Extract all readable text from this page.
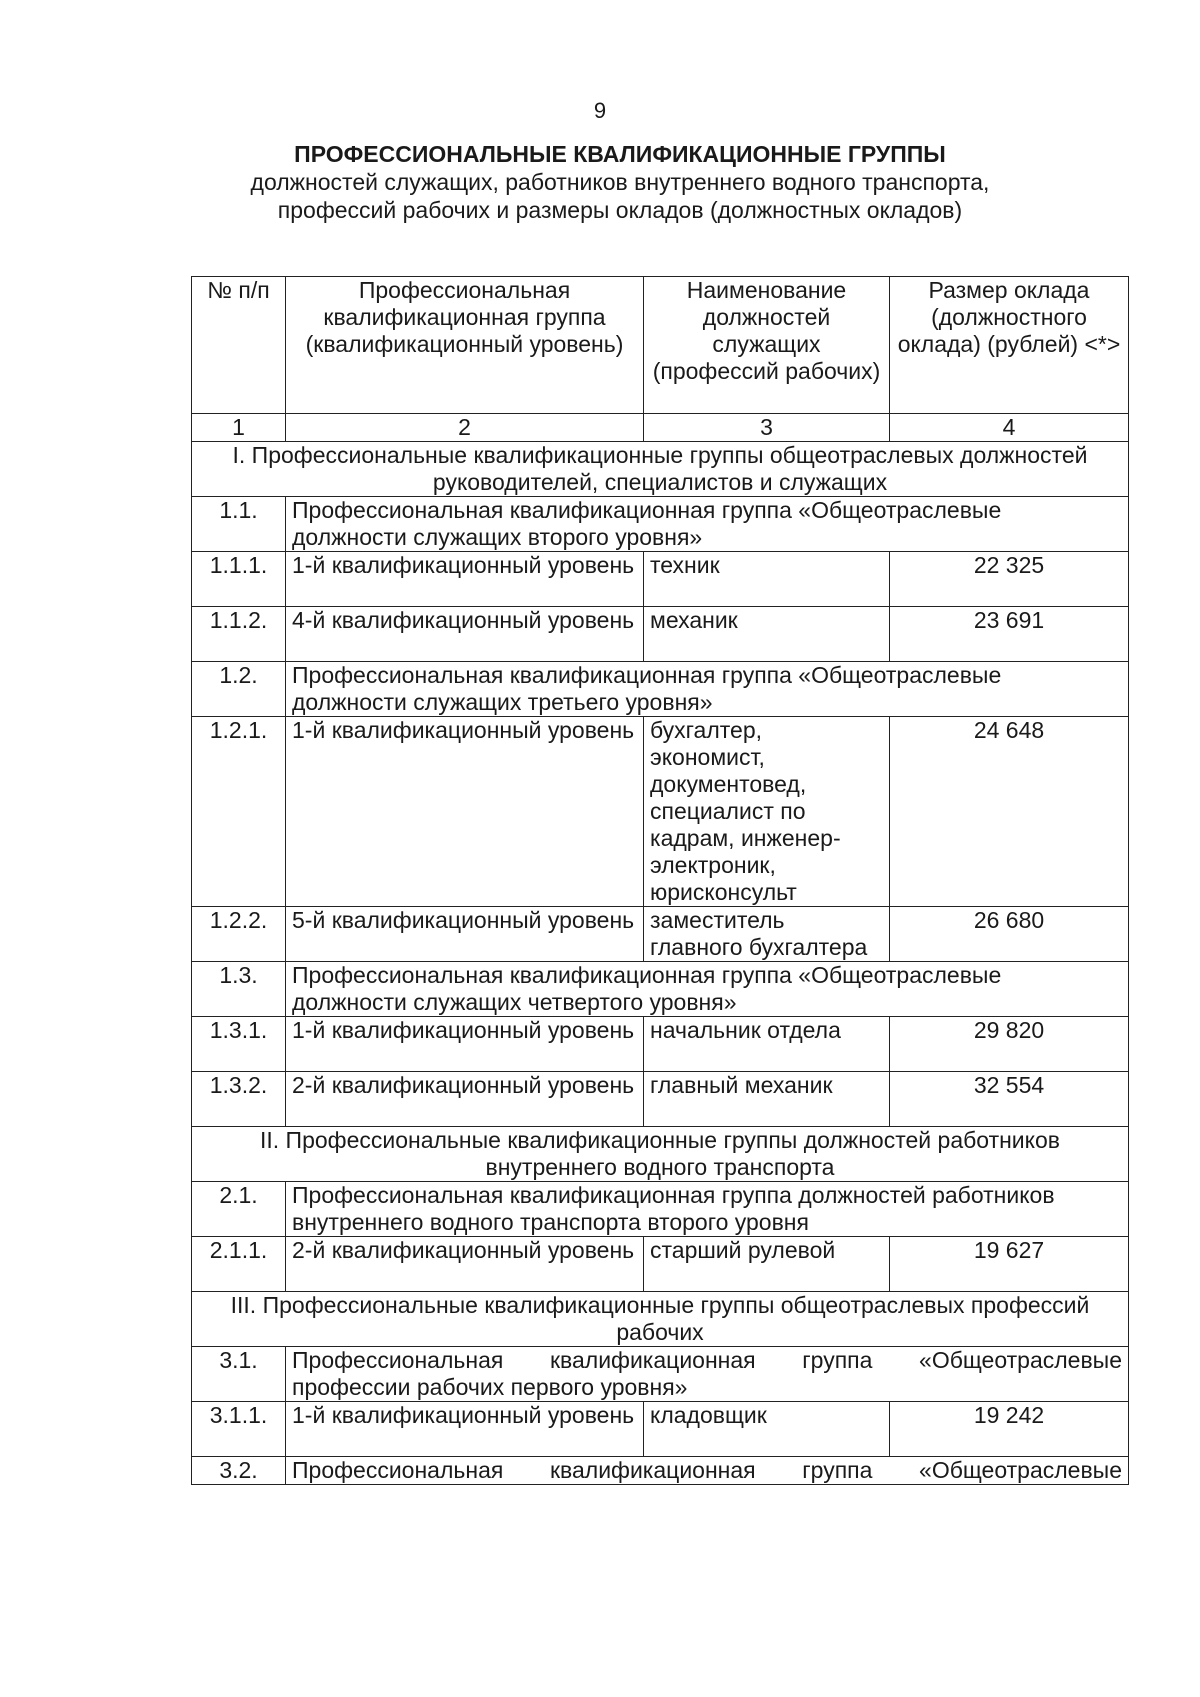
9
ПРОФЕССИОНАЛЬНЫЕ КВАЛИФИКАЦИОННЫЕ ГРУППЫ
должностей служащих, работников внутреннего водного транспорта,
профессий рабочих и размеры окладов (должностных окладов)
№ п/п	Профессиональная квалификационная группа (квалификационный уровень)	Наименование должностей служащих (профессий рабочих)	Размер оклада (должностного оклада) (рублей) <*>
1	2	3	4
I. Профессиональные квалификационные группы общеотраслевых должностей руководителей, специалистов и служащих			
1.1.	Профессиональная квалификационная группа «Общеотраслевые должности служащих второго уровня»		
1.1.1.	1-й квалификационный уровень	техник	22 325
1.1.2.	4-й квалификационный уровень	механик	23 691
1.2.	Профессиональная квалификационная группа «Общеотраслевые должности служащих третьего уровня»		
1.2.1.	1-й квалификационный уровень	бухгалтер, экономист, документовед, специалист по кадрам, инженер-электроник, юрисконсульт	24 648
1.2.2.	5-й квалификационный уровень	заместитель главного бухгалтера	26 680
1.3.	Профессиональная квалификационная группа «Общеотраслевые должности служащих четвертого уровня»		
1.3.1.	1-й квалификационный уровень	начальник отдела	29 820
1.3.2.	2-й квалификационный уровень	главный механик	32 554
II. Профессиональные квалификационные группы должностей работников внутреннего водного транспорта			
2.1.	Профессиональная квалификационная группа должностей работников внутреннего водного транспорта второго уровня		
2.1.1.	2-й квалификационный уровень	старший рулевой	19 627
III. Профессиональные квалификационные группы общеотраслевых профессий рабочих			
3.1.	Профессиональная квалификационная группа «Общеотраслевые профессии рабочих первого уровня»		
3.1.1.	1-й квалификационный уровень	кладовщик	19 242
3.2.	Профессиональная квалификационная группа «Общеотраслевые		
